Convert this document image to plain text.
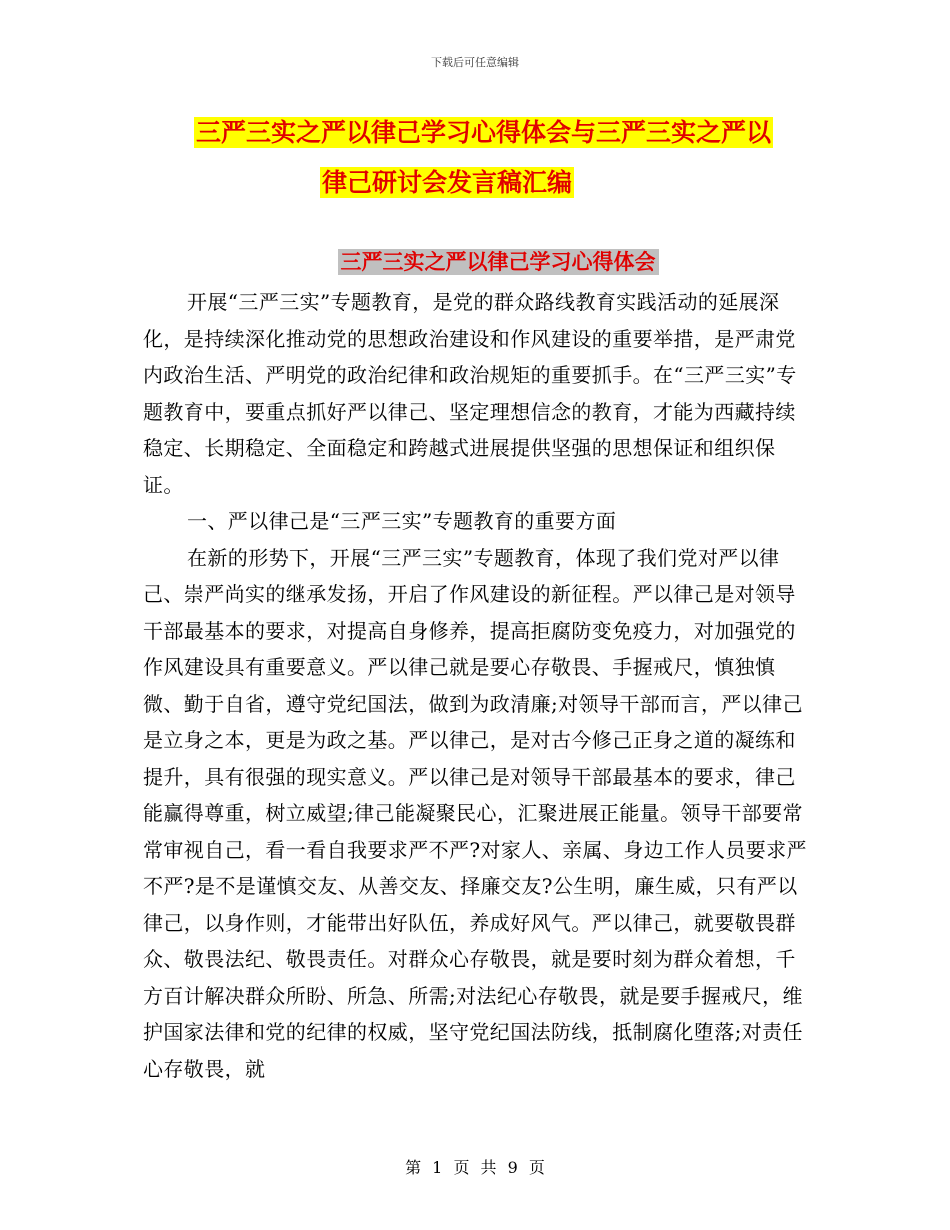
下载后可任意编辑
三严三实之严以律己学习心得体会与三严三实之严以
律己研讨会发言稿汇编
三严三实之严以律己学习心得体会

开展“三严三实”专题教育，是党的群众路线教育实践活动的延展深化，是持续深化推动党的思想政治建设和作风建设的重要举措，是严肃党内政治生活、严明党的政治纪律和政治规矩的重要抓手。在“三严三实”专题教育中，要重点抓好严以律己、坚定理想信念的教育，才能为西藏持续稳定、长期稳定、全面稳定和跨越式进展提供坚强的思想保证和组织保证。

一、严以律己是“三严三实”专题教育的重要方面

在新的形势下，开展“三严三实”专题教育，体现了我们党对严以律己、崇严尚实的继承发扬，开启了作风建设的新征程。严以律己是对领导干部最基本的要求，对提高自身修养，提高拒腐防变免疫力，对加强党的作风建设具有重要意义。严以律己就是要心存敬畏、手握戒尺，慎独慎微、勤于自省，遵守党纪国法，做到为政清廉;对领导干部而言，严以律己是立身之本，更是为政之基。严以律己，是对古今修己正身之道的凝练和提升，具有很强的现实意义。严以律己是对领导干部最基本的要求，律己能赢得尊重，树立威望;律己能凝聚民心，汇聚进展正能量。领导干部要常常审视自己，看一看自我要求严不严?对家人、亲属、身边工作人员要求严不严?是不是谨慎交友、从善交友、择廉交友?公生明，廉生威，只有严以律己，以身作则，才能带出好队伍，养成好风气。严以律己，就要敬畏群众、敬畏法纪、敬畏责任。对群众心存敬畏，就是要时刻为群众着想，千方百计解决群众所盼、所急、所需;对法纪心存敬畏，就是要手握戒尺，维护国家法律和党的纪律的权威，坚守党纪国法防线，抵制腐化堕落;对责任心存敬畏，就

第 1 页 共 9 页
